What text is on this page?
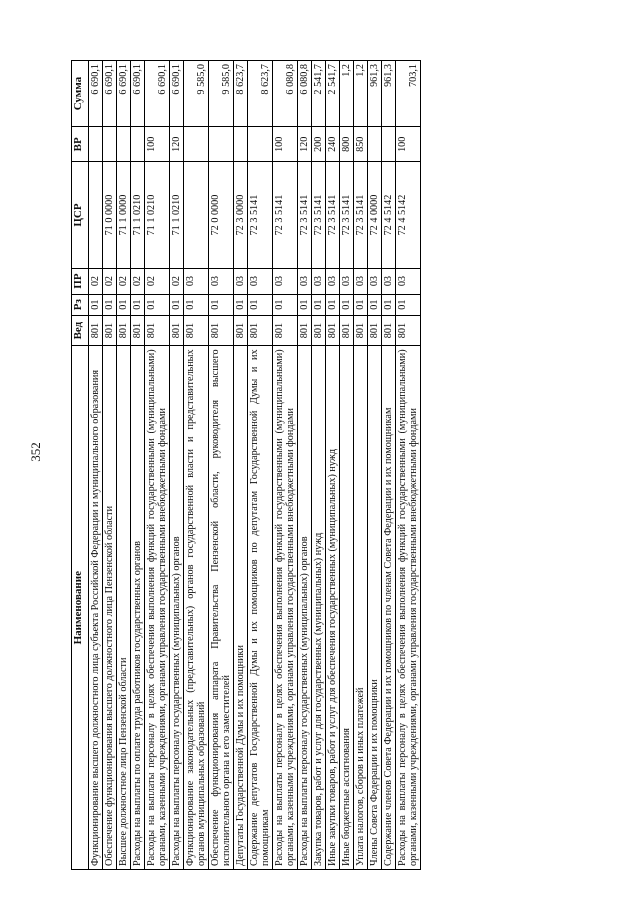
352
Наименование	Вед	Рз	ПР	ЦСР	ВР	Сумма
Функционирование высшего должностного лица субъекта Российской Федерации и муниципального образования	801	01	02			6 690,1
Обеспечение функционирования высшего должностного лица Пензенской области	801	01	02	71 0 0000		6 690,1
Высшее должностное лицо Пензенской области	801	01	02	71 1 0000		6 690,1
Расходы на выплаты по оплате труда работников государственных органов	801	01	02	71 1 0210		6 690,1
Расходы на выплаты персоналу в целях обеспечения выполнения функций государственными (муниципальными) органами, казенными учреждениями, органами управления государственными внебюджетными фондами	801	01	02	71 1 0210	100	6 690,1
Расходы на выплаты персоналу государственных (муниципальных) органов	801	01	02	71 1 0210	120	6 690,1
Функционирование законодательных (представительных) органов государственной власти и представительных органов муниципальных образований	801	01	03			9 585,0
Обеспечение функционирования аппарата Правительства Пензенской области, руководителя высшего исполнительного органа и его заместителей	801	01	03	72 0 0000		9 585,0
Депутаты Государственной Думы и их помощники	801	01	03	72 3 0000		8 623,7
Содержание депутатов Государственной Думы и их помощников по депутатам Государственной Думы и их помощникам	801	01	03	72 3 5141		8 623,7
Расходы на выплаты персоналу в целях обеспечения выполнения функций государственными (муниципальными) органами, казенными учреждениями, органами управления государственными внебюджетными фондами	801	01	03	72 3 5141	100	6 080,8
Расходы на выплаты персоналу государственных (муниципальных) органов	801	01	03	72 3 5141	120	6 080,8
Закупка товаров, работ и услуг для государственных (муниципальных) нужд	801	01	03	72 3 5141	200	2 541,7
Иные закупки товаров, работ и услуг для обеспечения государственных (муниципальных) нужд	801	01	03	72 3 5141	240	2 541,7
Иные бюджетные ассигнования	801	01	03	72 3 5141	800	1,2
Уплата налогов, сборов и иных платежей	801	01	03	72 3 5141	850	1,2
Члены Совета Федерации и их помощники	801	01	03	72 4 0000		961,3
Содержание членов Совета Федерации и их помощников по членам Совета Федерации и их помощникам	801	01	03	72 4 5142		961,3
Расходы на выплаты персоналу в целях обеспечения выполнения функций государственными (муниципальными) органами, казенными учреждениями, органами управления государственными внебюджетными фондами	801	01	03	72 4 5142	100	703,1
